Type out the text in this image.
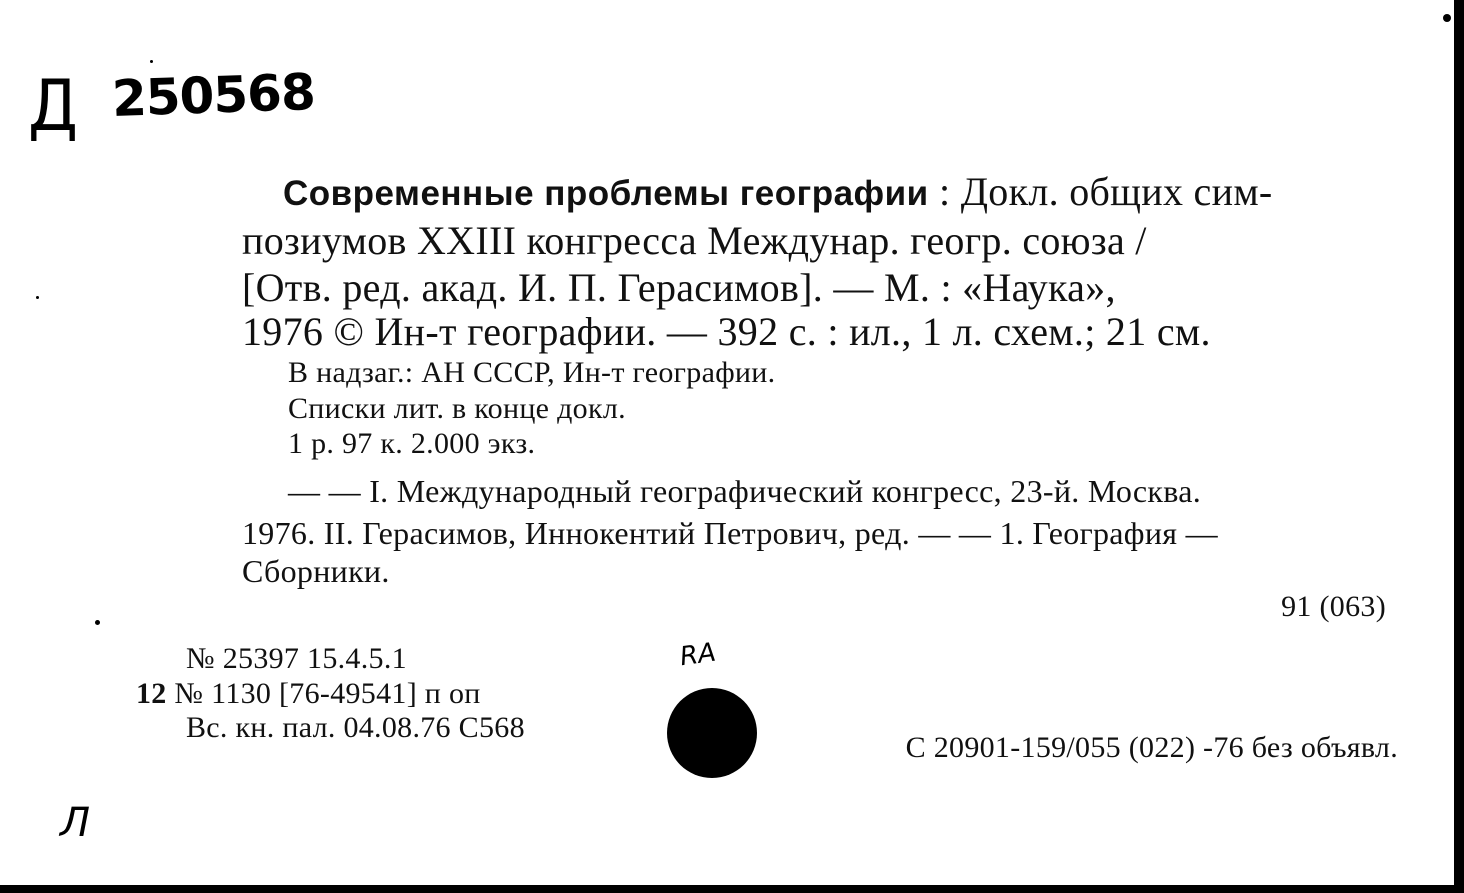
Д 250568
Современные проблемы географии : Докл. общих сим-
позиумов XXIII конгресса Междунар. геогр. союза /
[Отв. ред. акад. И. П. Герасимов]. — М. : «Наука»,
1976 © Ин-т географии. — 392 с. : ил., 1 л. схем.; 21 см.
В надзаг.: АН СССР, Ин-т географии.
Списки лит. в конце докл.
1 р. 97 к. 2.000 экз.
— — I. Международный географический конгресс, 23-й. Москва.
1976. II. Герасимов, Иннокентий Петрович, ред. — — 1. География —
Сборники.
91 (063)
№ 25397 15.4.5.1
12 № 1130 [76-49541] п оп
Вс. кн. пал. 04.08.76 С568
С 20901-159/055 (022) -76 без объявл.
RA
Л
